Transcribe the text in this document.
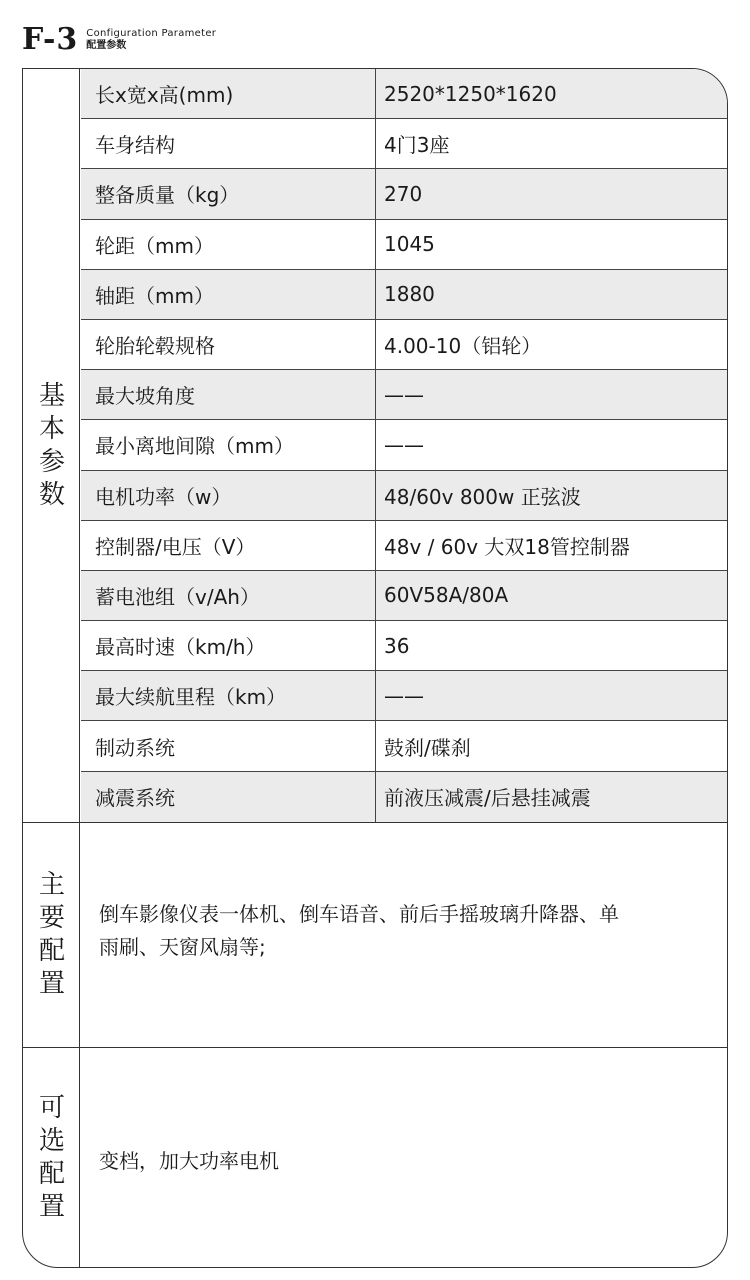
F-3 Configuration Parameter
配置参数
基
本
参
数
长x宽x高(mm)	2520*1250*1620
车身结构	4门3座
整备质量（kg）	270
轮距（mm）	1045
轴距（mm）	1880
轮胎轮毂规格	4.00-10（铝轮）
最大坡角度	——
最小离地间隙（mm）	——
电机功率（w）	48/60v 800w 正弦波
控制器/电压（V）	48v / 60v 大双18管控制器
蓄电池组（v/Ah）	60V58A/80A
最高时速（km/h）	36
最大续航里程（km）	——
制动系统	鼓刹/碟刹
减震系统	前液压减震/后悬挂减震
主
要
配
置
倒车影像仪表一体机、倒车语音、前后手摇玻璃升降器、单
雨刷、天窗风扇等;
可
选
配
置
变档，加大功率电机
